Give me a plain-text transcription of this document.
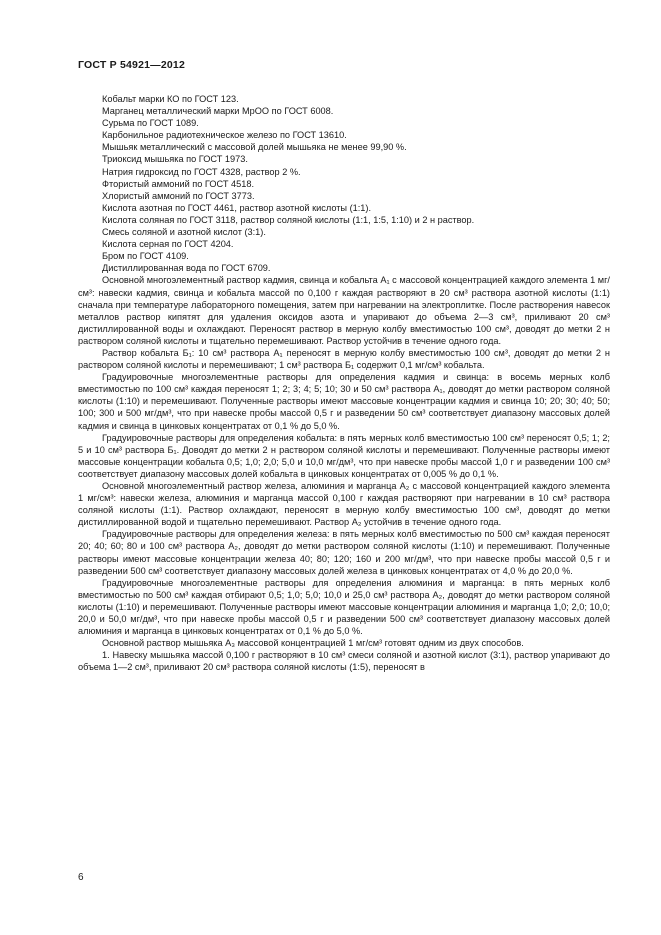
ГОСТ Р 54921—2012

Кобальт марки КО по ГОСТ 123.

Марганец металлический марки МрОО по ГОСТ 6008.

Сурьма по ГОСТ 1089.

Карбонильное радиотехническое железо по ГОСТ 13610.

Мышьяк металлический с массовой долей мышьяка не менее 99,90 %.

Триоксид мышьяка по ГОСТ 1973.

Натрия гидроксид по ГОСТ 4328, раствор 2 %.

Фтористый аммоний по ГОСТ 4518.

Хлористый аммоний по ГОСТ 3773.

Кислота азотная по ГОСТ 4461, раствор азотной кислоты (1:1).

Кислота соляная по ГОСТ 3118, раствор соляной кислоты (1:1, 1:5, 1:10) и 2 н раствор.

Смесь соляной и азотной кислот (3:1).

Кислота серная по ГОСТ 4204.

Бром по ГОСТ 4109.

Дистиллированная вода по ГОСТ 6709.

Основной многоэлементный раствор кадмия, свинца и кобальта А₁ с массовой концентрацией каждого элемента 1 мг/см³: навески кадмия, свинца и кобальта массой по 0,100 г каждая растворяют в 20 см³ раствора азотной кислоты (1:1) сначала при температуре лабораторного помещения, затем при нагревании на электроплитке. После растворения навесок металлов раствор кипятят для удаления оксидов азота и упаривают до объема 2—3 см³, приливают 20 см³ дистиллированной воды и охлаждают. Переносят раствор в мерную колбу вместимостью 100 см³, доводят до метки 2 н раствором соляной кислоты и тщательно перемешивают. Раствор устойчив в течение одного года.

Раствор кобальта Б₁: 10 см³ раствора А₁ переносят в мерную колбу вместимостью 100 см³, доводят до метки 2 н раствором соляной кислоты и перемешивают; 1 см³ раствора Б₁ содержит 0,1 мг/см³ кобальта.

Градуировочные многоэлементные растворы для определения кадмия и свинца: в восемь мерных колб вместимостью по 100 см³ каждая переносят 1; 2; 3; 4; 5; 10; 30 и 50 см³ раствора А₁, доводят до метки раствором соляной кислоты (1:10) и перемешивают. Полученные растворы имеют массовые концентрации кадмия и свинца 10; 20; 30; 40; 50; 100; 300 и 500 мг/дм³, что при навеске пробы массой 0,5 г и разведении 50 см³ соответствует диапазону массовых долей кадмия и свинца в цинковых концентратах от 0,1 % до 5,0 %.

Градуировочные растворы для определения кобальта: в пять мерных колб вместимостью 100 см³ переносят 0,5; 1; 2; 5 и 10 см³ раствора Б₁. Доводят до метки 2 н раствором соляной кислоты и перемешивают. Полученные растворы имеют массовые концентрации кобальта 0,5; 1,0; 2,0; 5,0 и 10,0 мг/дм³, что при навеске пробы массой 1,0 г и разведении 100 см³ соответствует диапазону массовых долей кобальта в цинковых концентратах от 0,005 % до 0,1 %.

Основной многоэлементный раствор железа, алюминия и марганца А₂ с массовой концентрацией каждого элемента 1 мг/см³: навески железа, алюминия и марганца массой 0,100 г каждая растворяют при нагревании в 10 см³ раствора соляной кислоты (1:1). Раствор охлаждают, переносят в мерную колбу вместимостью 100 см³, доводят до метки дистиллированной водой и тщательно перемешивают. Раствор А₂ устойчив в течение одного года.

Градуировочные растворы для определения железа: в пять мерных колб вместимостью по 500 см³ каждая переносят 20; 40; 60; 80 и 100 см³ раствора А₂, доводят до метки раствором соляной кислоты (1:10) и перемешивают. Полученные растворы имеют массовые концентрации железа 40; 80; 120; 160 и 200 мг/дм³, что при навеске пробы массой 0,5 г и разведении 500 см³ соответствует диапазону массовых долей железа в цинковых концентратах от 4,0 % до 20,0 %.

Градуировочные многоэлементные растворы для определения алюминия и марганца: в пять мерных колб вместимостью по 500 см³ каждая отбирают 0,5; 1,0; 5,0; 10,0 и 25,0 см³ раствора А₂, доводят до метки раствором соляной кислоты (1:10) и перемешивают. Полученные растворы имеют массовые концентрации алюминия и марганца 1,0; 2,0; 10,0; 20,0 и 50,0 мг/дм³, что при навеске пробы массой 0,5 г и разведении 500 см³ соответствует диапазону массовых долей алюминия и марганца в цинковых концентратах от 0,1 % до 5,0 %.

Основной раствор мышьяка А₃ массовой концентрацией 1 мг/см³ готовят одним из двух способов.

1. Навеску мышьяка массой 0,100 г растворяют в 10 см³ смеси соляной и азотной кислот (3:1), раствор упаривают до объема 1—2 см³, приливают 20 см³ раствора соляной кислоты (1:5), переносят в

6
